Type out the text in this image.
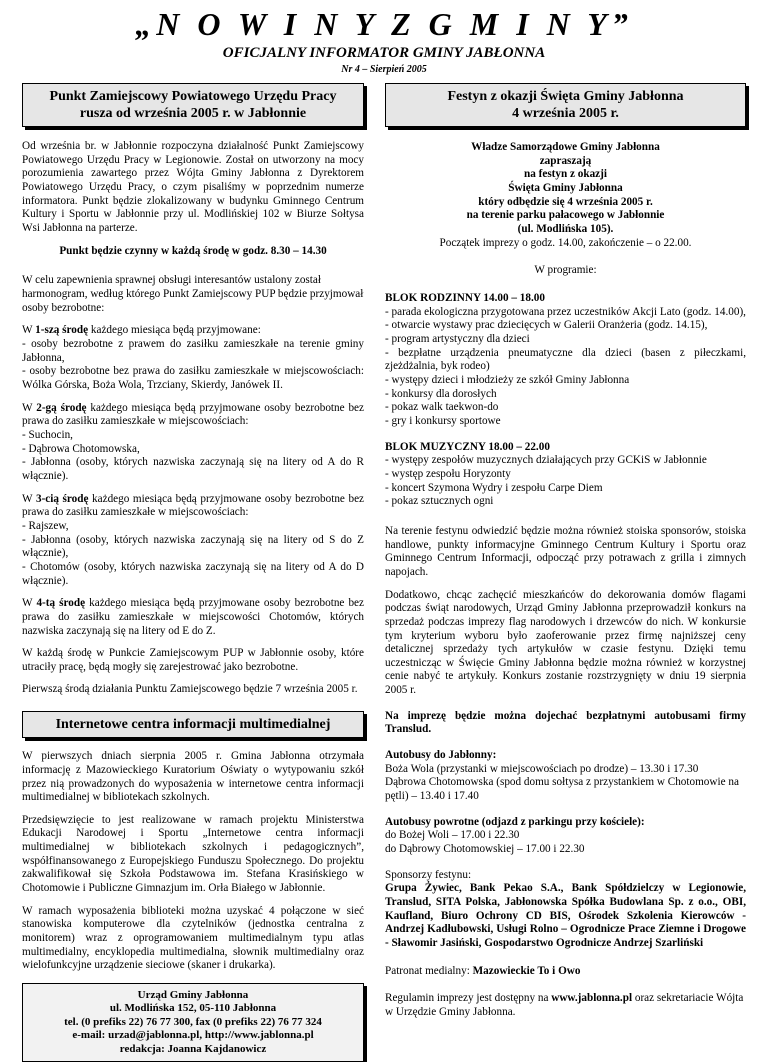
„N O W I N Y Z G M I N Y”
OFICJALNY INFORMATOR GMINY JABŁONNA
Nr 4 – Sierpień 2005
Punkt Zamiejscowy Powiatowego Urzędu Pracy
rusza od września 2005 r. w Jabłonnie

Od września br. w Jabłonnie rozpoczyna działalność Punkt Zamiejscowy Powiatowego Urzędu Pracy w Legionowie. Został on utworzony na mocy porozumienia zawartego przez Wójta Gminy Jabłonna z Dyrektorem Powiatowego Urzędu Pracy, o czym pisaliśmy w poprzednim numerze informatora. Punkt będzie zlokalizowany w budynku Gminnego Centrum Kultury i Sportu w Jabłonnie przy ul. Modlińskiej 102 w Biurze Sołtysa Wsi Jabłonna na parterze.

Punkt będzie czynny w każdą środę w godz. 8.30 – 14.30

W celu zapewnienia sprawnej obsługi interesantów ustalony został harmonogram, według którego Punkt Zamiejscowy PUP będzie przyjmował osoby bezrobotne:

W 1-szą środę każdego miesiąca będą przyjmowane:
- osoby bezrobotne z prawem do zasiłku zamieszkałe na terenie gminy Jabłonna,
- osoby bezrobotne bez prawa do zasiłku zamieszkałe w miejscowościach: Wólka Górska, Boża Wola, Trzciany, Skierdy, Janówek II.

W 2-gą środę każdego miesiąca będą przyjmowane osoby bezrobotne bez prawa do zasiłku zamieszkałe w miejscowościach:
- Suchocin,
- Dąbrowa Chotomowska,
- Jabłonna (osoby, których nazwiska zaczynają się na litery od A do R włącznie).

W 3-cią środę każdego miesiąca będą przyjmowane osoby bezrobotne bez prawa do zasiłku zamieszkałe w miejscowościach:
- Rajszew,
- Jabłonna (osoby, których nazwiska zaczynają się na litery od S do Z włącznie),
- Chotomów (osoby, których nazwiska zaczynają się na litery od A do D włącznie).

W 4-tą środę każdego miesiąca będą przyjmowane osoby bezrobotne bez prawa do zasiłku zamieszkałe w miejscowości Chotomów, których nazwiska zaczynają się na litery od E do Z.

W każdą środę w Punkcie Zamiejscowym PUP w Jabłonnie osoby, które utraciły pracę, będą mogły się zarejestrować jako bezrobotne.

Pierwszą środą działania Punktu Zamiejscowego będzie 7 września 2005 r.

Internetowe centra informacji multimedialnej

W pierwszych dniach sierpnia 2005 r. Gmina Jabłonna otrzymała informację z Mazowieckiego Kuratorium Oświaty o wytypowaniu szkół przez nią prowadzonych do wyposażenia w internetowe centra informacji multimedialnej w bibliotekach szkolnych.

Przedsięwzięcie to jest realizowane w ramach projektu Ministerstwa Edukacji Narodowej i Sportu „Internetowe centra informacji multimedialnej w bibliotekach szkolnych i pedagogicznych”, współfinansowanego z Europejskiego Funduszu Społecznego. Do projektu zakwalifikował się Szkoła Podstawowa im. Stefana Krasińskiego w Chotomowie i Publiczne Gimnazjum im. Orła Białego w Jabłonnie.

W ramach wyposażenia biblioteki można uzyskać 4 połączone w sieć stanowiska komputerowe dla czytelników (jednostka centralna z monitorem) wraz z oprogramowaniem multimedialnym typu atlas multimedialny, encyklopedia multimedialna, słownik multimedialny oraz wielofunkcyjne urządzenie sieciowe (skaner i drukarka).

Urząd Gminy Jabłonna
ul. Modlińska 152, 05-110 Jabłonna
tel. (0 prefiks 22) 76 77 300, fax (0 prefiks 22) 76 77 324
e-mail: urzad@jablonna.pl, http://www.jablonna.pl
redakcja: Joanna Kajdanowicz
Festyn z okazji Święta Gminy Jabłonna
4 września 2005 r.
Władze Samorządowe Gminy Jabłonna
zapraszają
na festyn z okazji
Święta Gminy Jabłonna
który odbędzie się 4 września 2005 r.
na terenie parku pałacowego w Jabłonnie
(ul. Modlińska 105).
Początek imprezy o godz. 14.00, zakończenie – o 22.00.

W programie:

BLOK RODZINNY 14.00 – 18.00
- parada ekologiczna przygotowana przez uczestników Akcji Lato (godz. 14.00),
- otwarcie wystawy prac dziecięcych w Galerii Oranżeria (godz. 14.15),
- program artystyczny dla dzieci
- bezpłatne urządzenia pneumatyczne dla dzieci (basen z piłeczkami, zjeżdżalnia, byk rodeo)
- występy dzieci i młodzieży ze szkół Gminy Jabłonna
- konkursy dla dorosłych
- pokaz walk taekwon-do
- gry i konkursy sportowe

BLOK MUZYCZNY 18.00 – 22.00
- występy zespołów muzycznych działających przy GCKiS w Jabłonnie
- występ zespołu Horyzonty
- koncert Szymona Wydry i zespołu Carpe Diem
- pokaz sztucznych ogni

Na terenie festynu odwiedzić będzie można również stoiska sponsorów, stoiska handlowe, punkty informacyjne Gminnego Centrum Kultury i Sportu oraz Gminnego Centrum Informacji, odpocząć przy potrawach z grilla i zimnych napojach.

Dodatkowo, chcąc zachęcić mieszkańców do dekorowania domów flagami podczas świąt narodowych, Urząd Gminy Jabłonna przeprowadził konkurs na sprzedaż podczas imprezy flag narodowych i drzewców do nich. W konkursie tym kryterium wyboru było zaoferowanie przez firmę najniższej ceny detalicznej sprzedaży tych artykułów w czasie festynu. Dzięki temu uczestnicząc w Święcie Gminy Jabłonna będzie można również w korzystnej cenie nabyć te artykuły. Konkurs zostanie rozstrzygnięty w dniu 19 sierpnia 2005 r.

Na imprezę będzie można dojechać bezpłatnymi autobusami firmy Translud.

Autobusy do Jabłonny:
Boża Wola (przystanki w miejscowościach po drodze) – 13.30 i 17.30
Dąbrowa Chotomowska (spod domu sołtysa z przystankiem w Chotomowie na pętli) – 13.40 i 17.40

Autobusy powrotne (odjazd z parkingu przy kościele):
do Bożej Woli – 17.00 i 22.30
do Dąbrowy Chotomowskiej – 17.00 i 22.30

Sponsorzy festynu:
Grupa Żywiec, Bank Pekao S.A., Bank Spółdzielczy w Legionowie, Translud, SITA Polska, Jabłonowska Spółka Budowlana Sp. z o.o., OBI, Kaufland, Biuro Ochrony CD BIS, Ośrodek Szkolenia Kierowców - Andrzej Kadłubowski, Usługi Rolno – Ogrodnicze Prace Ziemne i Drogowe - Sławomir Jasiński, Gospodarstwo Ogrodnicze Andrzej Szarliński

Patronat medialny: Mazowieckie To i Owo

Regulamin imprezy jest dostępny na www.jablonna.pl oraz sekretariacie Wójta w Urzędzie Gminy Jabłonna.
